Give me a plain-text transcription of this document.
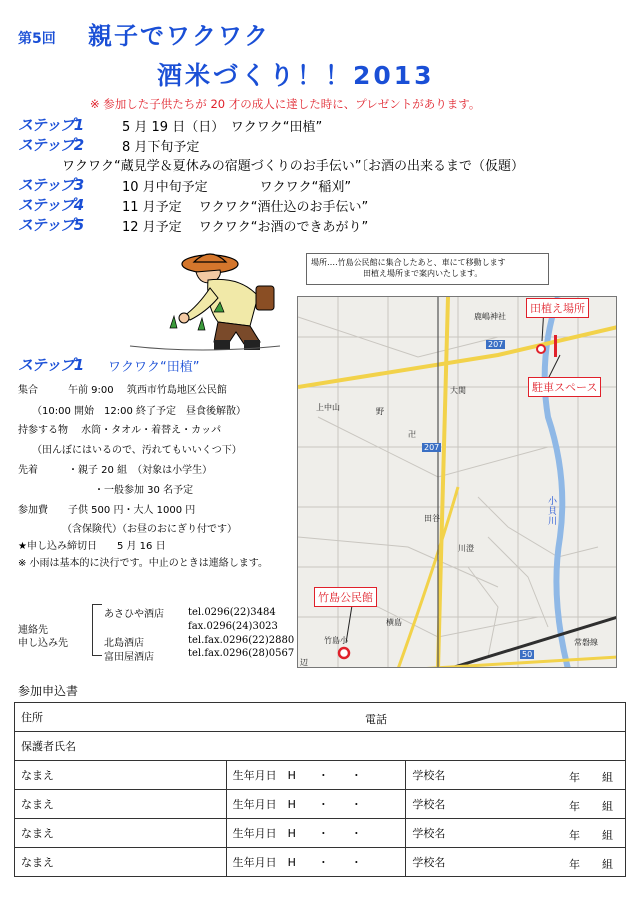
第5回 親子でワクワク
酒米づくり！！2013
※ 参加した子供たちが 20 才の成人に達した時に、プレゼントがあります。
ステップ1	5 月 19 日（日）　ワクワク“田植”
ステップ2	8 月下旬予定
ワクワク“蔵見学＆夏休みの宿題づくりのお手伝い”〔お酒の出来るまで（仮題）
ステップ3	10 月中旬予定　　　　ワクワク“稲刈”
ステップ4	11 月予定　 ワクワク“酒仕込のお手伝い”
ステップ5	12 月予定　 ワクワク“お酒のできあがり”
ステップ1 ワクワク“田植”
集合　　　午前 9:00　 筑西市竹島地区公民館
（10:00 開始　12:00 終了予定　昼食後解散）
持参する物　 水筒・タオル・着替え・カッパ
（田んぼにはいるので、汚れてもいいくつ下）
先着　　　・親子 20 組　（対象は小学生）
・一般参加 30 名予定
参加費　　子供 500 円・大人 1000 円
（含保険代）（お昼のおにぎり付です）
★申し込み締切日　　5 月 16 日
※ 小雨は基本的に決行です。中止のときは連絡します。
連絡先
申し込み先
あさひや酒店 tel.0296(22)3484
fax.0296(24)3023
北島酒店	tel.fax.0296(22)2880
富田屋酒店	tel.fax.0296(28)0567
場所‥‥竹島公民館に集合したあと、車にて移動します
田植え場所まで案内いたします。
鹿嶋神社
大関
上中山	野
田谷
川澄
小貝川
横島
竹島小	常磐線
辺
207
207
50
卍
田植え場所
駐車スペース
竹島公民館
参加申込書
住所 電話		

保護者氏名		
なまえ	生年月日　H　　・　　・	学校名 年　　組

なまえ	生年月日　H　　・　　・	学校名 年　　組

なまえ	生年月日　H　　・　　・	学校名 年　　組

なまえ	生年月日　H　　・　　・	学校名 年　　組
